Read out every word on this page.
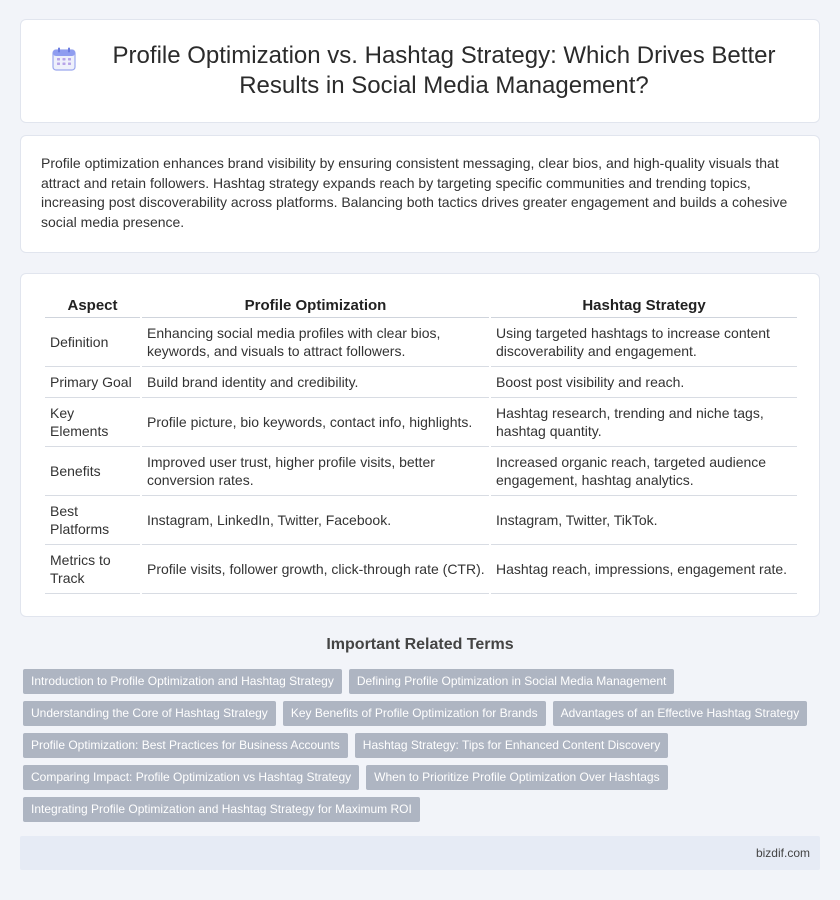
Profile Optimization vs. Hashtag Strategy: Which Drives Better Results in Social Media Management?

Profile optimization enhances brand visibility by ensuring consistent messaging, clear bios, and high-quality visuals that attract and retain followers. Hashtag strategy expands reach by targeting specific communities and trending topics, increasing post discoverability across platforms. Balancing both tactics drives greater engagement and builds a cohesive social media presence.

Aspect	Profile Optimization	Hashtag Strategy
Definition	Enhancing social media profiles with clear bios, keywords, and visuals to attract followers.	Using targeted hashtags to increase content discoverability and engagement.
Primary Goal	Build brand identity and credibility.	Boost post visibility and reach.
Key Elements	Profile picture, bio keywords, contact info, highlights.	Hashtag research, trending and niche tags, hashtag quantity.
Benefits	Improved user trust, higher profile visits, better conversion rates.	Increased organic reach, targeted audience engagement, hashtag analytics.
Best Platforms	Instagram, LinkedIn, Twitter, Facebook.	Instagram, Twitter, TikTok.
Metrics to Track	Profile visits, follower growth, click-through rate (CTR).	Hashtag reach, impressions, engagement rate.
Important Related Terms
Introduction to Profile Optimization and Hashtag Strategy	Defining Profile Optimization in Social Media Management
Understanding the Core of Hashtag Strategy	Key Benefits of Profile Optimization for Brands	Advantages of an Effective Hashtag Strategy
Profile Optimization: Best Practices for Business Accounts	Hashtag Strategy: Tips for Enhanced Content Discovery
Comparing Impact: Profile Optimization vs Hashtag Strategy	When to Prioritize Profile Optimization Over Hashtags
Integrating Profile Optimization and Hashtag Strategy for Maximum ROI
bizdif.com
